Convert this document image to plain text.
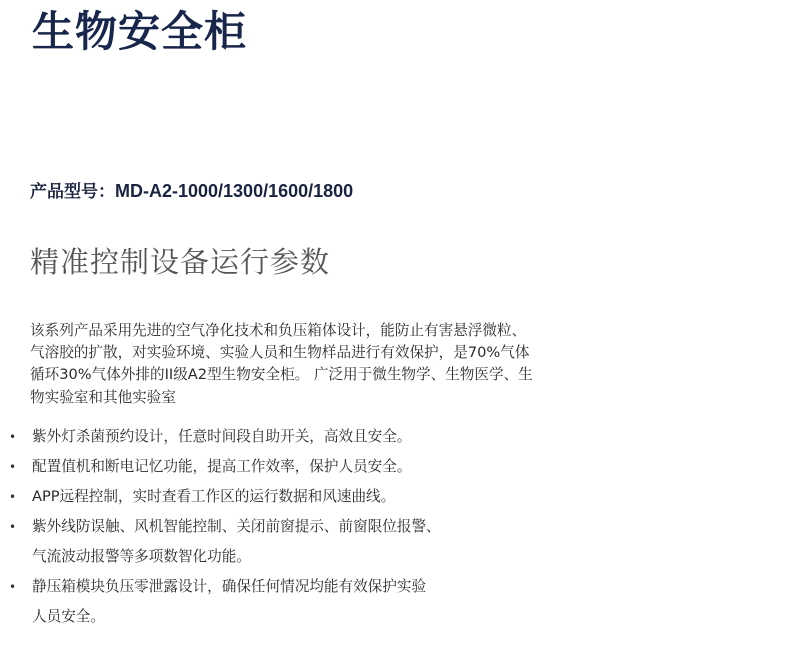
生物安全柜
产品型号：MD-A2-1000/1300/1600/1800
精准控制设备运行参数

该系列产品采用先进的空气净化技术和负压箱体设计，能防止有害悬浮微粒、气溶胶的扩散，对实验环境、实验人员和生物样品进行有效保护，是70%气体循环30%气体外排的II级A2型生物安全柜。 广泛用于微生物学、生物医学、生物实验室和其他实验室

• 紫外灯杀菌预约设计，任意时间段自助开关，高效且安全。
• 配置值机和断电记忆功能，提高工作效率，保护人员安全。
• APP远程控制，实时查看工作区的运行数据和风速曲线。
• 紫外线防误触、风机智能控制、关闭前窗提示、前窗限位报警、
气流波动报警等多项数智化功能。
• 静压箱模块负压零泄露设计，确保任何情况均能有效保护实验
人员安全。
